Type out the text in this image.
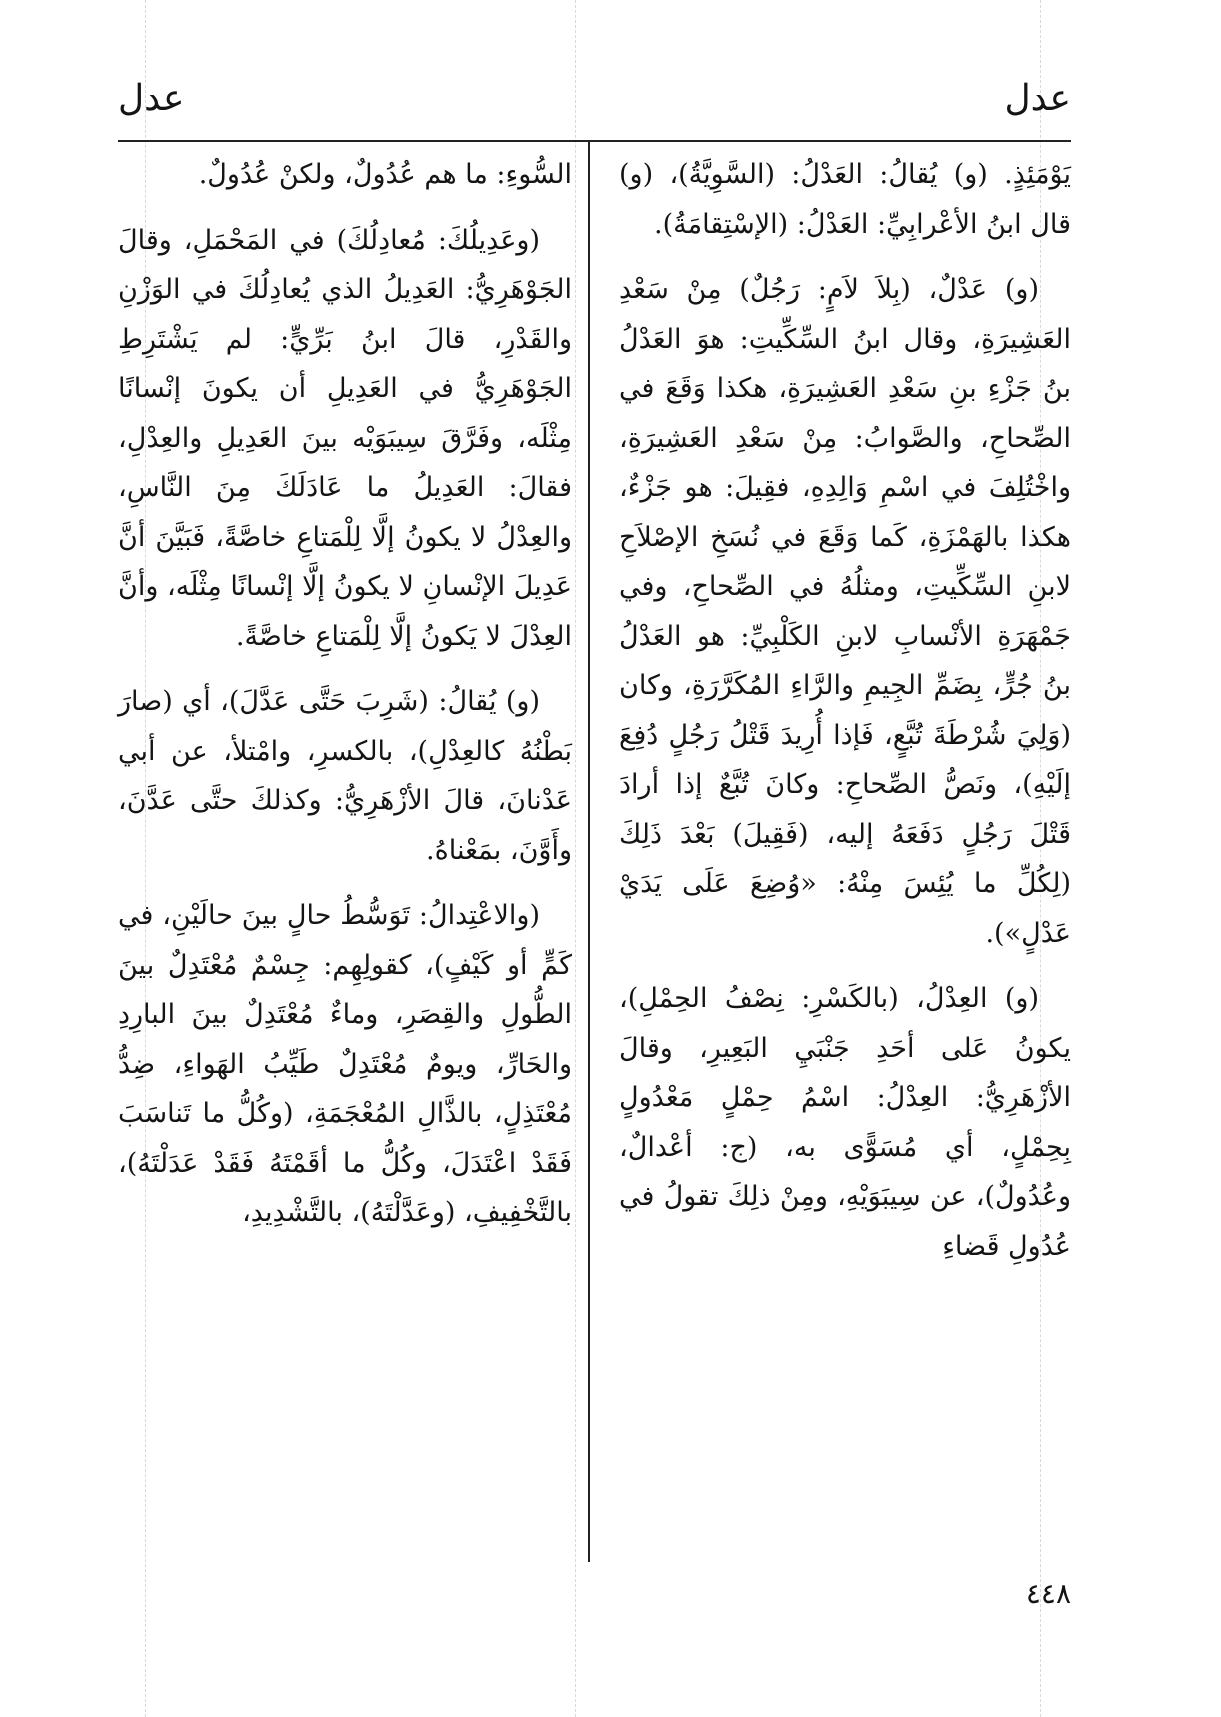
عدل
عدل

يَوْمَئِذٍ. (و) يُقالُ: العَدْلُ: (السَّوِيَّةُ)، (و) قال ابنُ الأعْرابِيِّ: العَدْلُ: (الإسْتِقامَةُ).

(و) عَدْلٌ، (بِلاَ لاَمٍ: رَجُلٌ) مِنْ سَعْدِ العَشِيرَةِ، وقال ابنُ السِّكِّيتِ: هوَ العَدْلُ بنُ جَزْءِ بنِ سَعْدِ العَشِيرَةِ، هكذا وَقَعَ في الصِّحاحِ، والصَّوابُ: مِنْ سَعْدِ العَشِيرَةِ، واخْتُلِفَ في اسْمِ وَالِدِهِ، فقِيلَ: هو جَزْءٌ، هكذا بالهَمْزَةِ، كَما وَقَعَ في نُسَخِ الإصْلاَحِ لابنِ السِّكِّيتِ، ومثلُهُ في الصِّحاحِ، وفي جَمْهَرَةِ الأنْسابِ لابنِ الكَلْبِيِّ: هو العَدْلُ بنُ جُرٍّ، بِضَمِّ الجِيمِ والرَّاءِ المُكَرَّرَةِ، وكان (وَلِيَ شُرْطَةَ تُبَّعٍ، فَإذا أُرِيدَ قَتْلُ رَجُلٍ دُفِعَ إلَيْهِ)، ونَصُّ الصِّحاحِ: وكانَ تُبَّعٌ إذا أرادَ قَتْلَ رَجُلٍ دَفَعَهُ إليه، (فَقِيلَ) بَعْدَ ذَلِكَ (لِكُلِّ ما يُئِسَ مِنْهُ: «وُضِعَ عَلَى يَدَيْ عَدْلٍ»).

(و) العِدْلُ، (بالكَسْرِ: نِصْفُ الحِمْلِ)، يكونُ عَلى أحَدِ جَنْبَيِ البَعِيرِ، وقالَ الأزْهَرِيُّ: العِدْلُ: اسْمُ حِمْلٍ مَعْدُولٍ بِحِمْلٍ، أي مُسَوًّى به، (ج: أعْدالٌ، وعُدُولٌ)، عن سِيبَوَيْهِ، ومِنْ ذلِكَ تقولُ في عُدُولِ قَضاءِ

السُّوءِ: ما هم عُدُولٌ، ولكنْ عُدُولٌ.

(وعَدِيلُكَ: مُعادِلُكَ) في المَحْمَلِ، وقالَ الجَوْهَرِيُّ: العَدِيلُ الذي يُعادِلُكَ في الوَزْنِ والقَدْرِ، قالَ ابنُ بَرِّيٍّ: لم يَشْتَرِطِ الجَوْهَرِيُّ في العَدِيلِ أن يكونَ إنْسانًا مِثْلَه، وفَرَّقَ سِيبَوَيْه بينَ العَدِيلِ والعِدْلِ، فقالَ: العَدِيلُ ما عَادَلَكَ مِنَ النَّاسِ، والعِدْلُ لا يكونُ إلَّا لِلْمَتاعِ خاصَّةً، فَبَيَّنَ أنَّ عَدِيلَ الإنْسانِ لا يكونُ إلَّا إنْسانًا مِثْلَه، وأنَّ العِدْلَ لا يَكونُ إلَّا لِلْمَتاعِ خاصَّةً.

(و) يُقالُ: (شَرِبَ حَتَّى عَدَّلَ)، أي (صارَ بَطْنُهُ كالعِدْلِ)، بالكسرِ، وامْتلأ، عن أبي عَدْنانَ، قالَ الأزْهَرِيُّ: وكذلكَ حتَّى عَدَّنَ، وأَوَّنَ، بمَعْناهُ.

(والاعْتِدالُ: تَوَسُّطُ حالٍ بينَ حالَيْنِ، في كَمٍّ أو كَيْفٍ)، كقولِهِم: جِسْمٌ مُعْتَدِلٌ بينَ الطُّولِ والقِصَرِ، وماءٌ مُعْتَدِلٌ بينَ البارِدِ والحَارِّ، ويومٌ مُعْتَدِلٌ طَيِّبُ الهَواءِ، ضِدُّ مُعْتَذِلٍ، بالذَّالِ المُعْجَمَةِ، (وكُلُّ ما تَناسَبَ فَقَدْ اعْتَدَلَ، وكُلُّ ما أقَمْتَهُ فَقَدْ عَدَلْتَهُ)، بالتَّخْفِيفِ، (وعَدَّلْتَهُ)، بالتَّشْدِيدِ،

٤٤٨
